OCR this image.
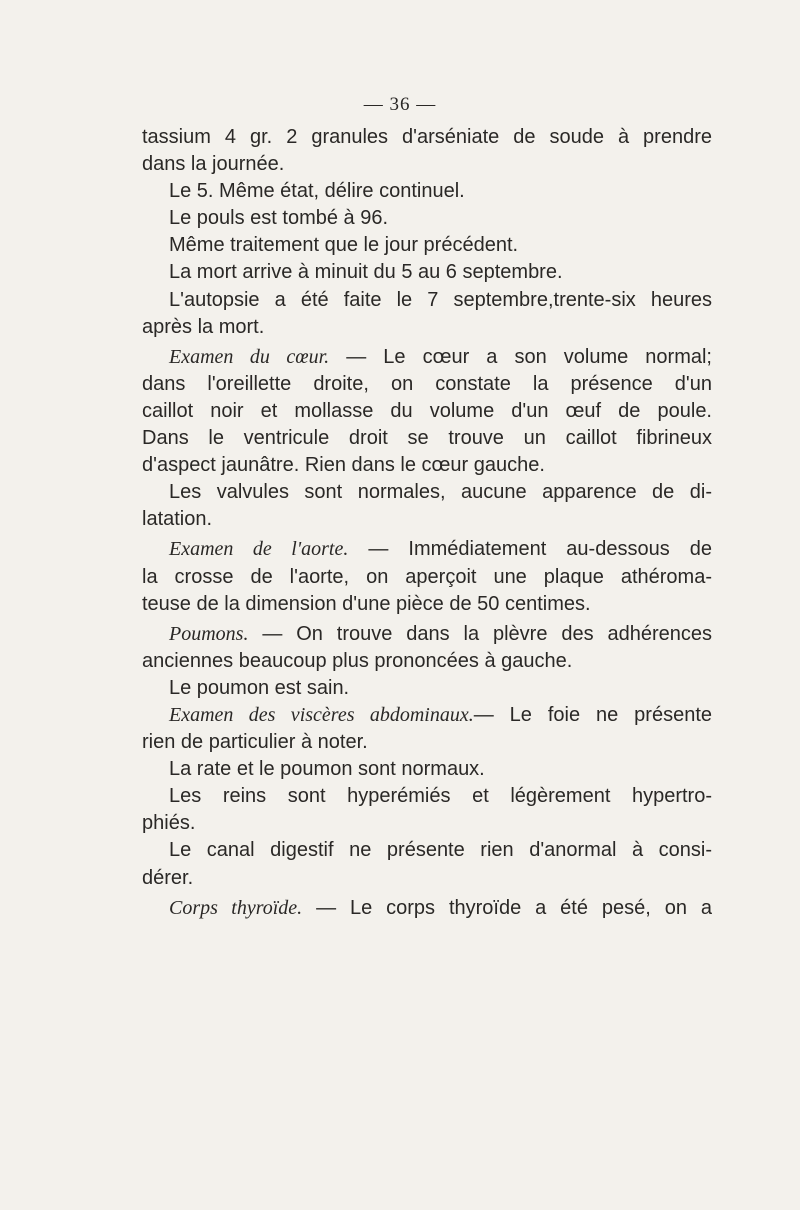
— 36 —
tassium 4 gr. 2 granules d'arséniate de soude à prendre
dans la journée.
Le 5. Même état, délire continuel.
Le pouls est tombé à 96.
Même traitement que le jour précédent.
La mort arrive à minuit du 5 au 6 septembre.
L'autopsie a été faite le 7 septembre,trente-six heures
après la mort.
Examen du cœur. — Le cœur a son volume normal;
dans l'oreillette droite, on constate la présence d'un
caillot noir et mollasse du volume d'un œuf de poule.
Dans le ventricule droit se trouve un caillot fibrineux
d'aspect jaunâtre. Rien dans le cœur gauche.
Les valvules sont normales, aucune apparence de di-
latation.
Examen de l'aorte. — Immédiatement au-dessous de
la crosse de l'aorte, on aperçoit une plaque athéroma-
teuse de la dimension d'une pièce de 50 centimes.
Poumons. — On trouve dans la plèvre des adhérences
anciennes beaucoup plus prononcées à gauche.
Le poumon est sain.
Examen des viscères abdominaux.— Le foie ne présente
rien de particulier à noter.
La rate et le poumon sont normaux.
Les reins sont hyperémiés et légèrement hypertro-
phiés.
Le canal digestif ne présente rien d'anormal à consi-
dérer.
Corps thyroïde. — Le corps thyroïde a été pesé, on a
